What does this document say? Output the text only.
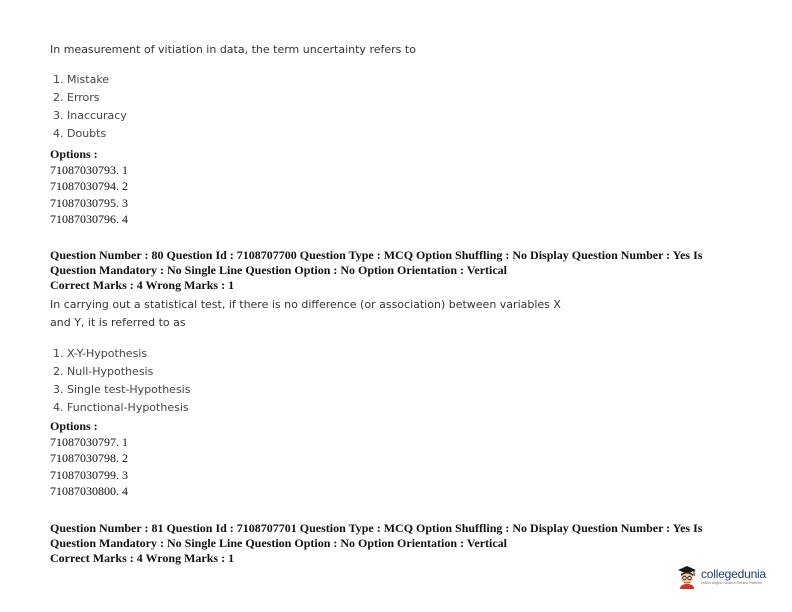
In measurement of vitiation in data, the term uncertainty refers to

1. Mistake
2. Errors
3. Inaccuracy
4. Doubts
Options :
71087030793. 1
71087030794. 2
71087030795. 3
71087030796. 4
Question Number : 80 Question Id : 7108707700 Question Type : MCQ Option Shuffling : No Display Question Number : Yes Is
Question Mandatory : No Single Line Question Option : No Option Orientation : Vertical
Correct Marks : 4 Wrong Marks : 1

In carrying out a statistical test, if there is no difference (or association) between variables X
and Y, it is referred to as

1. X-Y-Hypothesis
2. Null-Hypothesis
3. Single test-Hypothesis
4. Functional-Hypothesis
Options :
71087030797. 1
71087030798. 2
71087030799. 3
71087030800. 4
Question Number : 81 Question Id : 7108707701 Question Type : MCQ Option Shuffling : No Display Question Number : Yes Is
Question Mandatory : No Single Line Question Option : No Option Orientation : Vertical
Correct Marks : 4 Wrong Marks : 1
collegedunia
India's largest Student Review Platform
